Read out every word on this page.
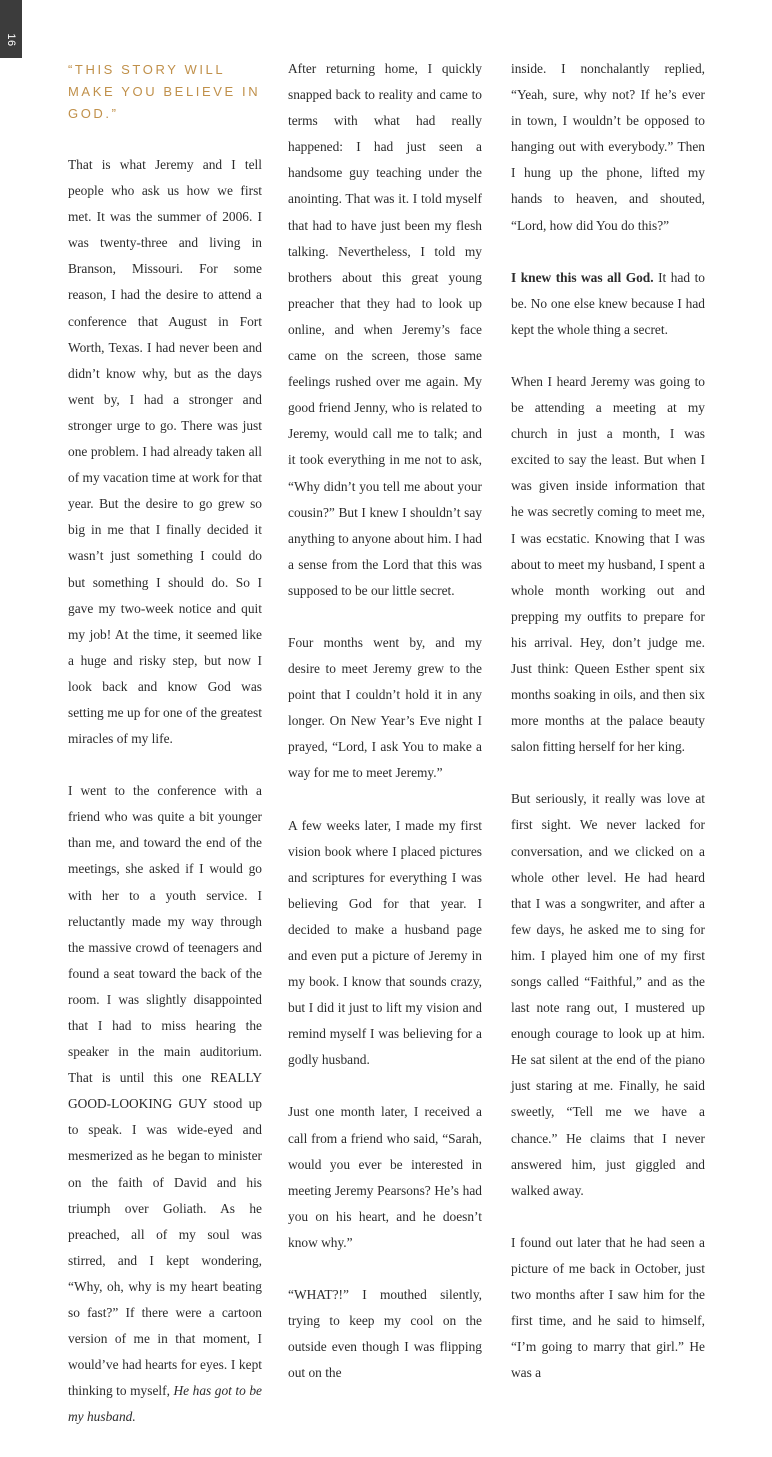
16
“THIS STORY WILL MAKE YOU BELIEVE IN GOD.”

That is what Jeremy and I tell people who ask us how we first met. It was the summer of 2006. I was twenty-three and living in Branson, Missouri. For some reason, I had the desire to attend a conference that August in Fort Worth, Texas. I had never been and didn’t know why, but as the days went by, I had a stronger and stronger urge to go. There was just one problem. I had already taken all of my vacation time at work for that year. But the desire to go grew so big in me that I finally decided it wasn’t just something I could do but something I should do. So I gave my two-week notice and quit my job! At the time, it seemed like a huge and risky step, but now I look back and know God was setting me up for one of the greatest miracles of my life.

I went to the conference with a friend who was quite a bit younger than me, and toward the end of the meetings, she asked if I would go with her to a youth service. I reluctantly made my way through the massive crowd of teenagers and found a seat toward the back of the room. I was slightly disappointed that I had to miss hearing the speaker in the main auditorium. That is until this one REALLY GOOD-LOOKING GUY stood up to speak. I was wide-eyed and mesmerized as he began to minister on the faith of David and his triumph over Goliath. As he preached, all of my soul was stirred, and I kept wondering, “Why, oh, why is my heart beating so fast?” If there were a cartoon version of me in that moment, I would’ve had hearts for eyes. I kept thinking to myself, He has got to be my husband.

After returning home, I quickly snapped back to reality and came to terms with what had really happened: I had just seen a handsome guy teaching under the anointing. That was it. I told myself that had to have just been my flesh talking. Nevertheless, I told my brothers about this great young preacher that they had to look up online, and when Jeremy’s face came on the screen, those same feelings rushed over me again. My good friend Jenny, who is related to Jeremy, would call me to talk; and it took everything in me not to ask, “Why didn’t you tell me about your cousin?” But I knew I shouldn’t say anything to anyone about him. I had a sense from the Lord that this was supposed to be our little secret.

Four months went by, and my desire to meet Jeremy grew to the point that I couldn’t hold it in any longer. On New Year’s Eve night I prayed, “Lord, I ask You to make a way for me to meet Jeremy.”

A few weeks later, I made my first vision book where I placed pictures and scriptures for everything I was believing God for that year. I decided to make a husband page and even put a picture of Jeremy in my book. I know that sounds crazy, but I did it just to lift my vision and remind myself I was believing for a godly husband.

Just one month later, I received a call from a friend who said, “Sarah, would you ever be interested in meeting Jeremy Pearsons? He’s had you on his heart, and he doesn’t know why.”

“WHAT?!” I mouthed silently, trying to keep my cool on the outside even though I was flipping out on the

inside. I nonchalantly replied, “Yeah, sure, why not? If he’s ever in town, I wouldn’t be opposed to hanging out with everybody.” Then I hung up the phone, lifted my hands to heaven, and shouted, “Lord, how did You do this?”

I knew this was all God. It had to be. No one else knew because I had kept the whole thing a secret.

When I heard Jeremy was going to be attending a meeting at my church in just a month, I was excited to say the least. But when I was given inside information that he was secretly coming to meet me, I was ecstatic. Knowing that I was about to meet my husband, I spent a whole month working out and prepping my outfits to prepare for his arrival. Hey, don’t judge me. Just think: Queen Esther spent six months soaking in oils, and then six more months at the palace beauty salon fitting herself for her king.

But seriously, it really was love at first sight. We never lacked for conversation, and we clicked on a whole other level. He had heard that I was a songwriter, and after a few days, he asked me to sing for him. I played him one of my first songs called “Faithful,” and as the last note rang out, I mustered up enough courage to look up at him. He sat silent at the end of the piano just staring at me. Finally, he said sweetly, “Tell me we have a chance.” He claims that I never answered him, just giggled and walked away.

I found out later that he had seen a picture of me back in October, just two months after I saw him for the first time, and he said to himself, “I’m going to marry that girl.” He was a
